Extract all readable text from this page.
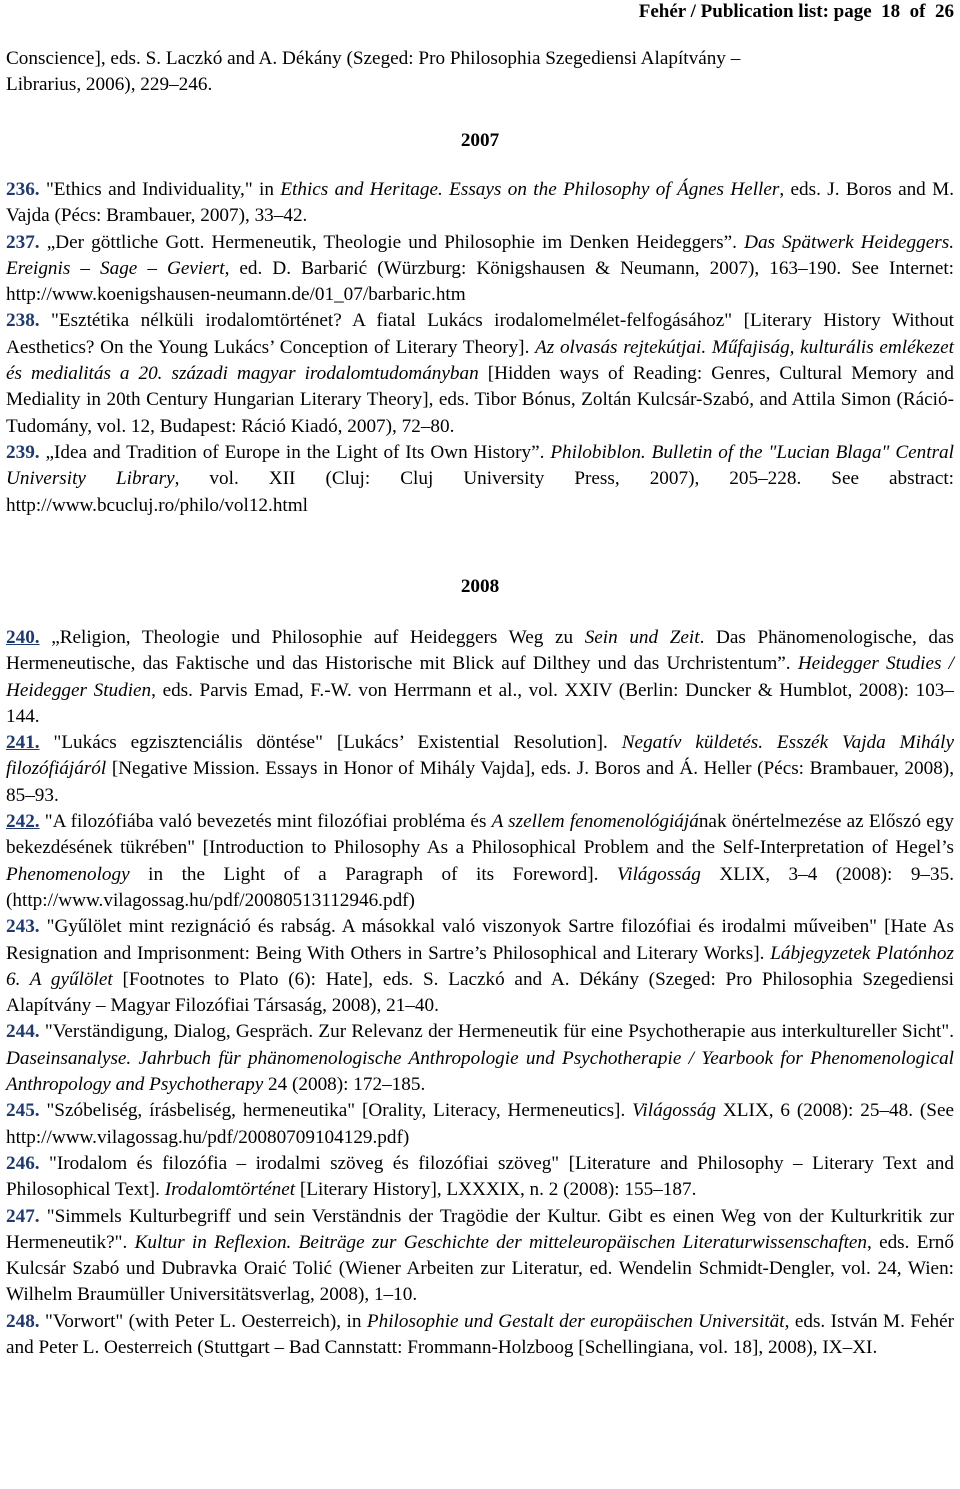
Fehér / Publication list: page  18  of  26

Conscience], eds. S. Laczkó and A. Dékány (Szeged: Pro Philosophia Szegediensi Alapítvány –

Librarius, 2006), 229–246.

2007

236. "Ethics and Individuality," in Ethics and Heritage. Essays on the Philosophy of Ágnes Heller, eds. J. Boros and M. Vajda (Pécs: Brambauer, 2007), 33–42.

237. „Der göttliche Gott. Hermeneutik, Theologie und Philosophie im Denken Heideggers”. Das Spätwerk Heideggers. Ereignis – Sage – Geviert, ed. D. Barbarić (Würzburg: Königshausen & Neumann, 2007), 163–190. See Internet: http://www.koenigshausen-neumann.de/01_07/barbaric.htm

238. "Esztétika nélküli irodalomtörténet? A fiatal Lukács irodalomelmélet-felfogásához" [Literary History Without Aesthetics? On the Young Lukács’ Conception of Literary Theory]. Az olvasás rejtekútjai. Műfajiság, kulturális emlékezet és medialitás a 20. századi magyar irodalomtudományban [Hidden ways of Reading: Genres, Cultural Memory and Mediality in 20th Century Hungarian Literary Theory], eds. Tibor Bónus, Zoltán Kulcsár-Szabó, and Attila Simon (Ráció-Tudomány, vol. 12, Budapest: Ráció Kiadó, 2007), 72–80.

239. „Idea and Tradition of Europe in the Light of Its Own History”. Philobiblon. Bulletin of the "Lucian Blaga" Central University Library, vol. XII (Cluj: Cluj University Press, 2007), 205–228. See abstract: http://www.bcucluj.ro/philo/vol12.html

2008

240. „Religion, Theologie und Philosophie auf Heideggers Weg zu Sein und Zeit. Das Phänomenologische, das Hermeneutische, das Faktische und das Historische mit Blick auf Dilthey und das Urchristentum”. Heidegger Studies / Heidegger Studien, eds. Parvis Emad, F.-W. von Herrmann et al., vol. XXIV (Berlin: Duncker & Humblot, 2008): 103–144.

241. "Lukács egzisztenciális döntése" [Lukács’ Existential Resolution]. Negatív küldetés. Esszék Vajda Mihály filozófiájáról [Negative Mission. Essays in Honor of Mihály Vajda], eds. J. Boros and Á. Heller (Pécs: Brambauer, 2008), 85–93.

242. "A filozófiába való bevezetés mint filozófiai probléma és A szellem fenomenológiájának önértelmezése az Előszó egy bekezdésének tükrében" [Introduction to Philosophy As a Philosophical Problem and the Self-Interpretation of Hegel’s Phenomenology in the Light of a Paragraph of its Foreword]. Világosság XLIX, 3–4 (2008): 9–35. (http://www.vilagossag.hu/pdf/20080513112946.pdf)

243. "Gyűlölet mint rezignáció és rabság. A másokkal való viszonyok Sartre filozófiai és irodalmi műveiben" [Hate As Resignation and Imprisonment: Being With Others in Sartre’s Philosophical and Literary Works]. Lábjegyzetek Platónhoz 6. A gyűlölet [Footnotes to Plato (6): Hate], eds. S. Laczkó and A. Dékány (Szeged: Pro Philosophia Szegediensi Alapítvány – Magyar Filozófiai Társaság, 2008), 21–40.

244. "Verständigung, Dialog, Gespräch. Zur Relevanz der Hermeneutik für eine Psychotherapie aus interkultureller Sicht". Daseinsanalyse. Jahrbuch für phänomenologische Anthropologie und Psychotherapie / Yearbook for Phenomenological Anthropology and Psychotherapy 24 (2008): 172–185.

245. "Szóbeliség, írásbeliség, hermeneutika" [Orality, Literacy, Hermeneutics]. Világosság XLIX, 6 (2008): 25–48. (See http://www.vilagossag.hu/pdf/20080709104129.pdf)

246. "Irodalom és filozófia – irodalmi szöveg és filozófiai szöveg" [Literature and Philosophy – Literary Text and Philosophical Text]. Irodalomtörténet [Literary History], LXXXIX, n. 2 (2008): 155–187.

247. "Simmels Kulturbegriff und sein Verständnis der Tragödie der Kultur. Gibt es einen Weg von der Kulturkritik zur Hermeneutik?". Kultur in Reflexion. Beiträge zur Geschichte der mitteleuropäischen Literaturwissenschaften, eds. Ernő Kulcsár Szabó und Dubravka Oraić Tolić (Wiener Arbeiten zur Literatur, ed. Wendelin Schmidt-Dengler, vol. 24, Wien: Wilhelm Braumüller Universitätsverlag, 2008), 1–10.

248. "Vorwort" (with Peter L. Oesterreich), in Philosophie und Gestalt der europäischen Universität, eds. István M. Fehér and Peter L. Oesterreich (Stuttgart – Bad Cannstatt: Frommann-Holzboog [Schellingiana, vol. 18], 2008), IX–XI.
